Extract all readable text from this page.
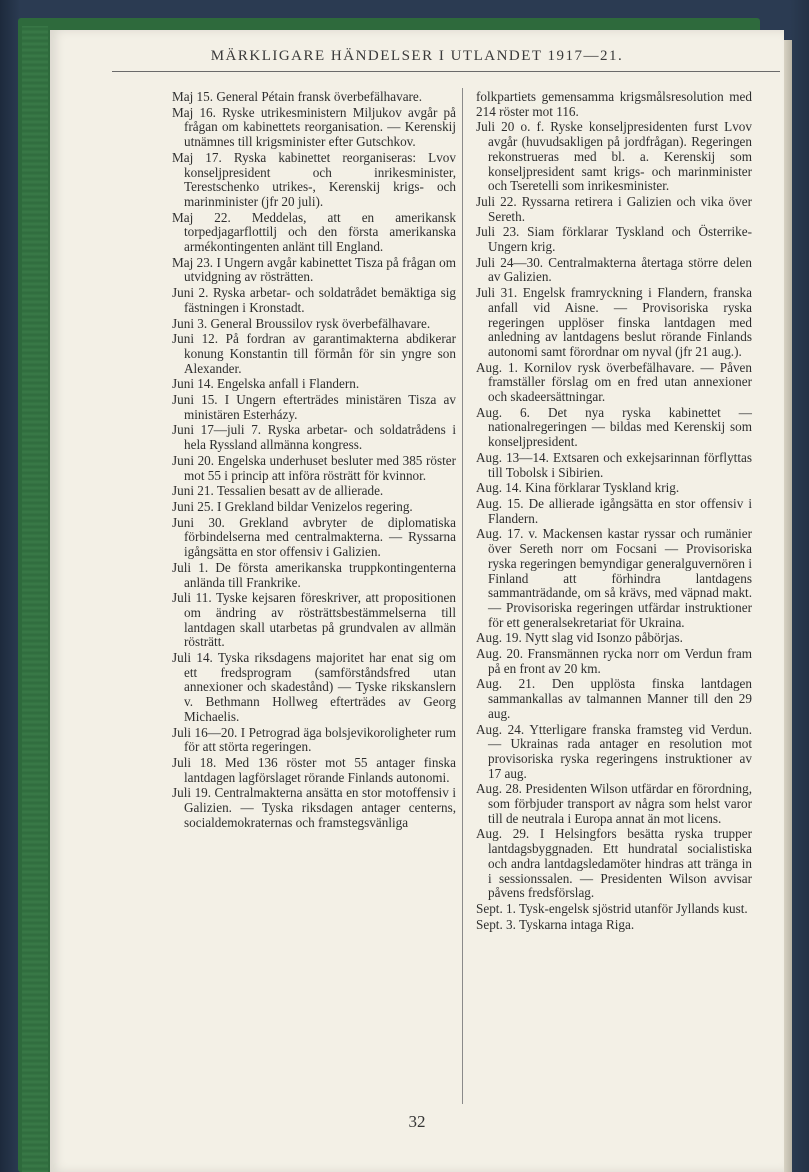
MÄRKLIGARE HÄNDELSER I UTLANDET 1917—21.

Maj 15. General Pétain fransk överbefälhavare.

Maj 16. Ryske utrikesministern Miljukov avgår på frågan om kabinettets reorganisation. — Kerenskij utnämnes till krigsminister efter Gutschkov.

Maj 17. Ryska kabinettet reorganiseras: Lvov konseljpresident och inrikesminister, Terestschenko utrikes-, Kerenskij krigs- och marinminister (jfr 20 juli).

Maj 22. Meddelas, att en amerikansk torpedjagarflottilj och den första amerikanska armékontingenten anlänt till England.

Maj 23. I Ungern avgår kabinettet Tisza på frågan om utvidgning av rösträtten.

Juni 2. Ryska arbetar- och soldatrådet bemäktiga sig fästningen i Kronstadt.

Juni 3. General Broussilov rysk överbefälhavare.

Juni 12. På fordran av garantimakterna abdikerar konung Konstantin till förmån för sin yngre son Alexander.

Juni 14. Engelska anfall i Flandern.

Juni 15. I Ungern efterträdes ministären Tisza av ministären Esterházy.

Juni 17—juli 7. Ryska arbetar- och soldatrådens i hela Ryssland allmänna kongress.

Juni 20. Engelska underhuset besluter med 385 röster mot 55 i princip att införa rösträtt för kvinnor.

Juni 21. Tessalien besatt av de allierade.

Juni 25. I Grekland bildar Venizelos regering.

Juni 30. Grekland avbryter de diplomatiska förbindelserna med centralmakterna. — Ryssarna igångsätta en stor offensiv i Galizien.

Juli 1. De första amerikanska truppkontingenterna anlända till Frankrike.

Juli 11. Tyske kejsaren föreskriver, att propositionen om ändring av rösträttsbestämmelserna till lantdagen skall utarbetas på grundvalen av allmän rösträtt.

Juli 14. Tyska riksdagens majoritet har enat sig om ett fredsprogram (samförståndsfred utan annexioner och skadestånd) — Tyske rikskanslern v. Bethmann Hollweg efterträdes av Georg Michaelis.

Juli 16—20. I Petrograd äga bolsjevikoroligheter rum för att störta regeringen.

Juli 18. Med 136 röster mot 55 antager finska lantdagen lagförslaget rörande Finlands autonomi.

Juli 19. Centralmakterna ansätta en stor motoffensiv i Galizien. — Tyska riksdagen antager centerns, socialdemokraternas och framstegsvänliga

folkpartiets gemensamma krigsmålsresolution med 214 röster mot 116.

Juli 20 o. f. Ryske konseljpresidenten furst Lvov avgår (huvudsakligen på jordfrågan). Regeringen rekonstrueras med bl. a. Kerenskij som konseljpresident samt krigs- och marinminister och Tseretelli som inrikesminister.

Juli 22. Ryssarna retirera i Galizien och vika över Sereth.

Juli 23. Siam förklarar Tyskland och Österrike-Ungern krig.

Juli 24—30. Centralmakterna återtaga större delen av Galizien.

Juli 31. Engelsk framryckning i Flandern, franska anfall vid Aisne. — Provisoriska ryska regeringen upplöser finska lantdagen med anledning av lantdagens beslut rörande Finlands autonomi samt förordnar om nyval (jfr 21 aug.).

Aug. 1. Kornilov rysk överbefälhavare. — Påven framställer förslag om en fred utan annexioner och skadeersättningar.

Aug. 6. Det nya ryska kabinettet — nationalregeringen — bildas med Kerenskij som konseljpresident.

Aug. 13—14. Extsaren och exkejsarinnan förflyttas till Tobolsk i Sibirien.

Aug. 14. Kina förklarar Tyskland krig.

Aug. 15. De allierade igångsätta en stor offensiv i Flandern.

Aug. 17. v. Mackensen kastar ryssar och rumänier över Sereth norr om Focsani — Provisoriska ryska regeringen bemyndigar generalguvernören i Finland att förhindra lantdagens sammanträdande, om så krävs, med väpnad makt. — Provisoriska regeringen utfärdar instruktioner för ett generalsekretariat för Ukraina.

Aug. 19. Nytt slag vid Isonzo påbörjas.

Aug. 20. Fransmännen rycka norr om Verdun fram på en front av 20 km.

Aug. 21. Den upplösta finska lantdagen sammankallas av talmannen Manner till den 29 aug.

Aug. 24. Ytterligare franska framsteg vid Verdun. — Ukrainas rada antager en resolution mot provisoriska ryska regeringens instruktioner av 17 aug.

Aug. 28. Presidenten Wilson utfärdar en förordning, som förbjuder transport av några som helst varor till de neutrala i Europa annat än mot licens.

Aug. 29. I Helsingfors besätta ryska trupper lantdagsbyggnaden. Ett hundratal socialistiska och andra lantdagsledamöter hindras att tränga in i sessionssalen. — Presidenten Wilson avvisar påvens fredsförslag.

Sept. 1. Tysk-engelsk sjöstrid utanför Jyllands kust.

Sept. 3. Tyskarna intaga Riga.

32
